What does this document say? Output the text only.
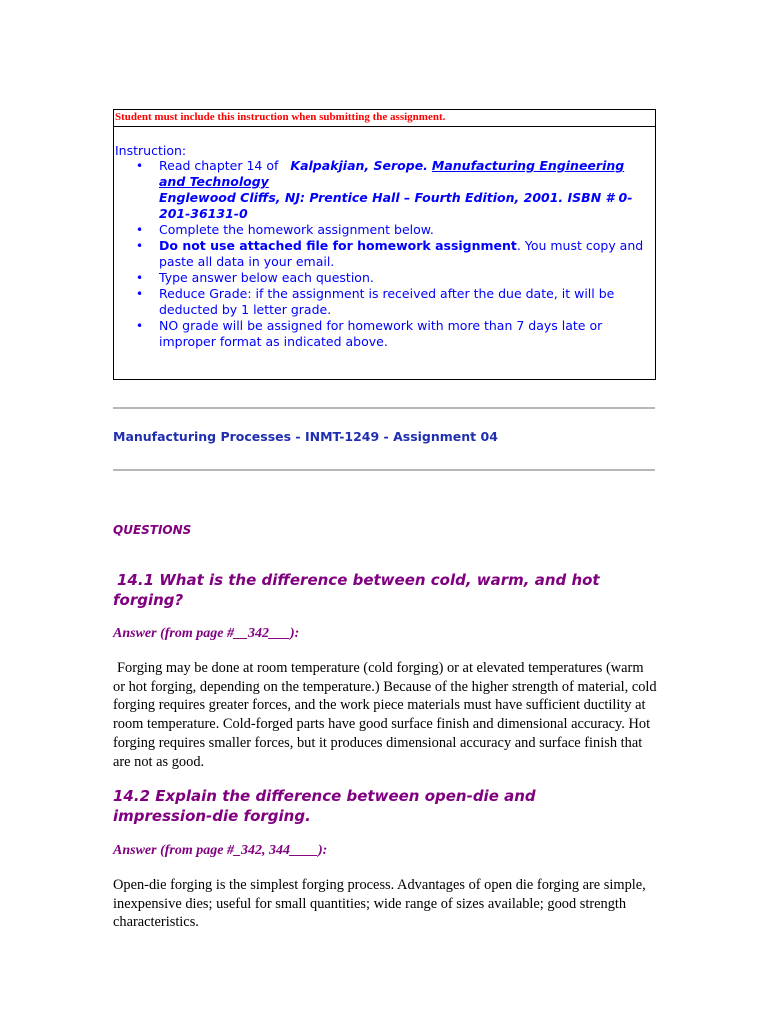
Student must include this instruction when submitting the assignment.
Instruction:
• Read chapter 14 of Kalpakjian, Serope. Manufacturing Engineering and Technology
Englewood Cliffs, NJ: Prentice Hall – Fourth Edition, 2001. ISBN # 0-201-36131-0
• Complete the homework assignment below.
• Do not use attached file for homework assignment. You must copy and paste all data in your email.
• Type answer below each question.
• Reduce Grade: if the assignment is received after the due date, it will be deducted by 1 letter grade.
• NO grade will be assigned for homework with more than 7 days late or improper format as indicated above.
Manufacturing Processes - INMT-1249 - Assignment 04
QUESTIONS
14.1 What is the difference between cold, warm, and hot forging?
Answer (from page #__342___):
Forging may be done at room temperature (cold forging) or at elevated temperatures (warm or hot forging, depending on the temperature.) Because of the higher strength of material, cold forging requires greater forces, and the work piece materials must have sufficient ductility at room temperature. Cold-forged parts have good surface finish and dimensional accuracy. Hot forging requires smaller forces, but it produces dimensional accuracy and surface finish that are not as good.
14.2 Explain the difference between open-die and impression-die forging.
Answer (from page #_342, 344____):
Open-die forging is the simplest forging process. Advantages of open die forging are simple, inexpensive dies; useful for small quantities; wide range of sizes available; good strength characteristics.
